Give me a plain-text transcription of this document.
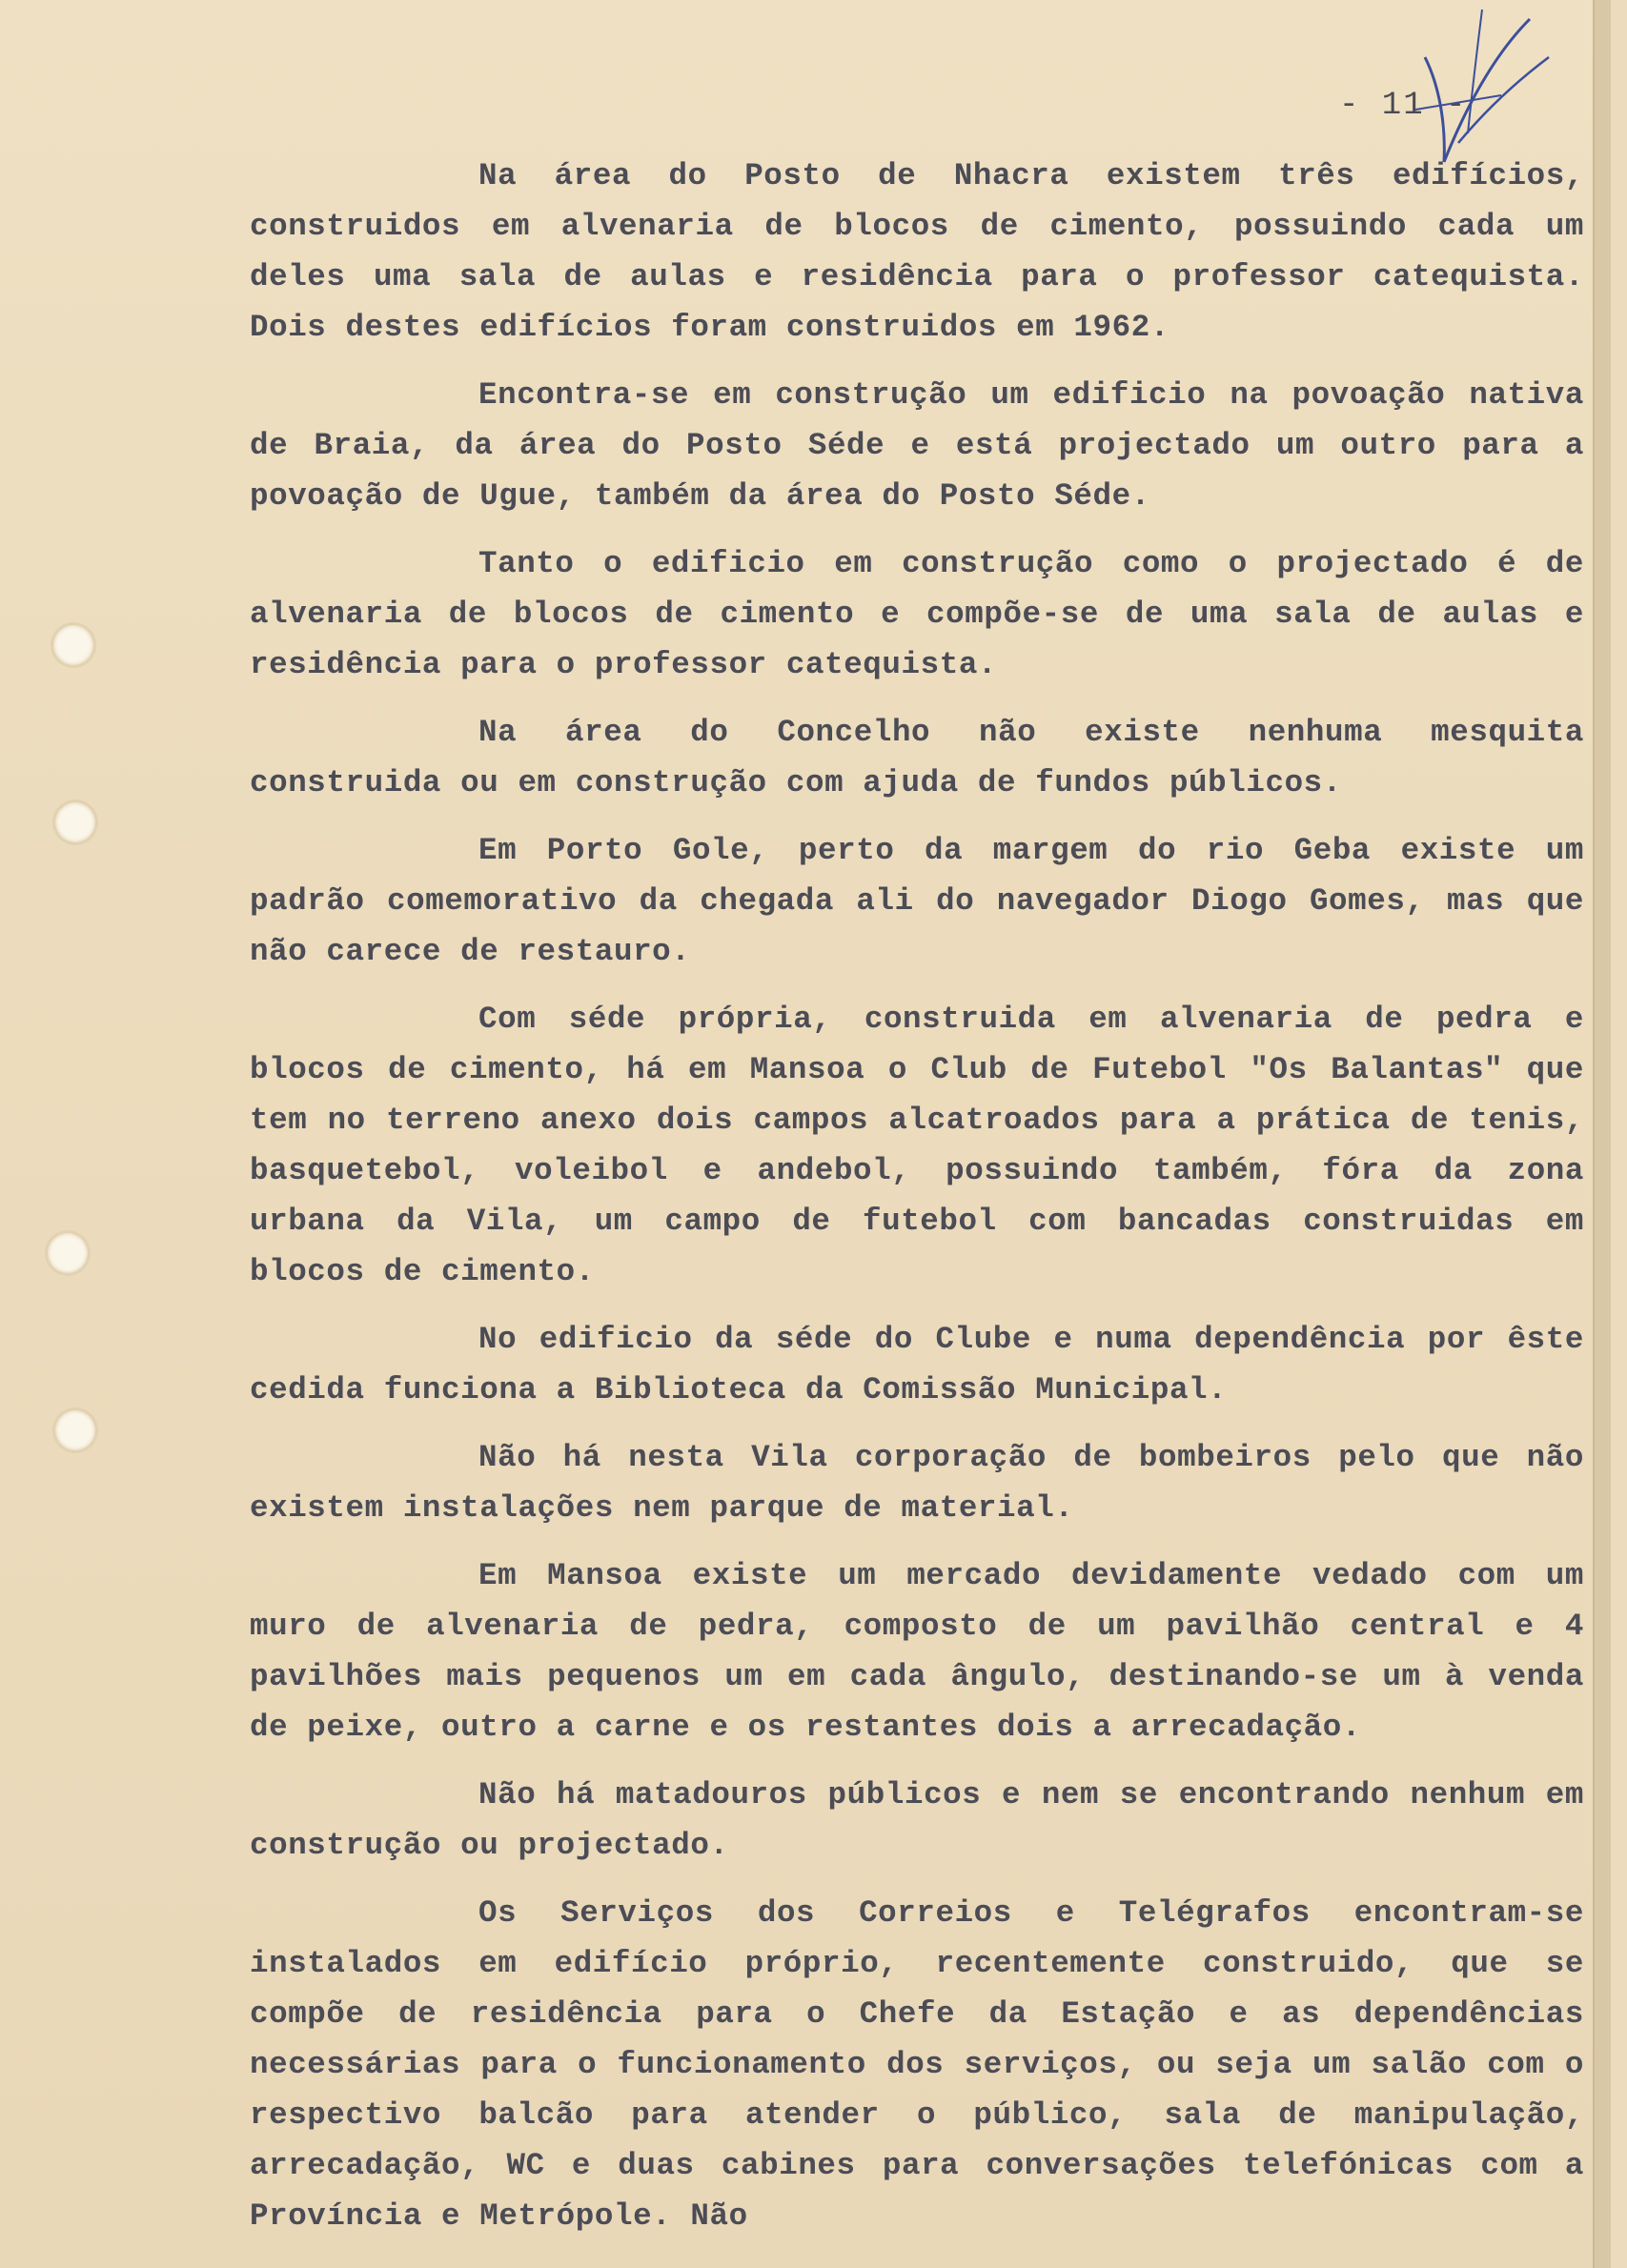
- 11 -

Na área do Posto de Nhacra existem três edifícios, construidos em alvenaria de blocos de cimento, possuindo cada um deles uma sala de aulas e residência para o professor catequista. Dois destes edifícios foram construidos em 1962.

Encontra-se em construção um edificio na povoação nativa de Braia, da área do Posto Séde e está projectado um outro para a povoação de Ugue, também da área do Posto Séde.

Tanto o edificio em construção como o projectado é de alvenaria de blocos de cimento e compõe-se de uma sala de aulas e residência para o professor catequista.

Na área do Concelho não existe nenhuma mesquita construida ou em construção com ajuda de fundos públicos.

Em Porto Gole, perto da margem do rio Geba existe um padrão comemorativo da chegada ali do navegador Diogo Gomes, mas que não carece de restauro.

Com séde própria, construida em alvenaria de pedra e blocos de cimento, há em Mansoa o Club de Futebol "Os Balantas" que tem no terreno anexo dois campos alcatroados para a prática de tenis, basquetebol, voleibol e andebol, possuindo também, fóra da zona urbana da Vila, um campo de futebol com bancadas construidas em blocos de cimento.

No edificio da séde do Clube e numa dependência por êste cedida funciona a Biblioteca da Comissão Municipal.

Não há nesta Vila corporação de bombeiros pelo que não existem instalações nem parque de material.

Em Mansoa existe um mercado devidamente vedado com um muro de alvenaria de pedra, composto de um pavilhão central e 4 pavilhões mais pequenos um em cada ângulo, destinando-se um à venda de peixe, outro a carne e os restantes dois a arrecadação.

Não há matadouros públicos e nem se encontrando nenhum em construção ou projectado.

Os Serviços dos Correios e Telégrafos encontram-se instalados em edifício próprio, recentemente construido, que se compõe de residência para o Chefe da Estação e as dependências necessárias para o funcionamento dos serviços, ou seja um salão com o respectivo balcão para atender o público, sala de manipulação, arrecadação, WC e duas cabines para conversações telefónicas com a Província e Metrópole. Não
